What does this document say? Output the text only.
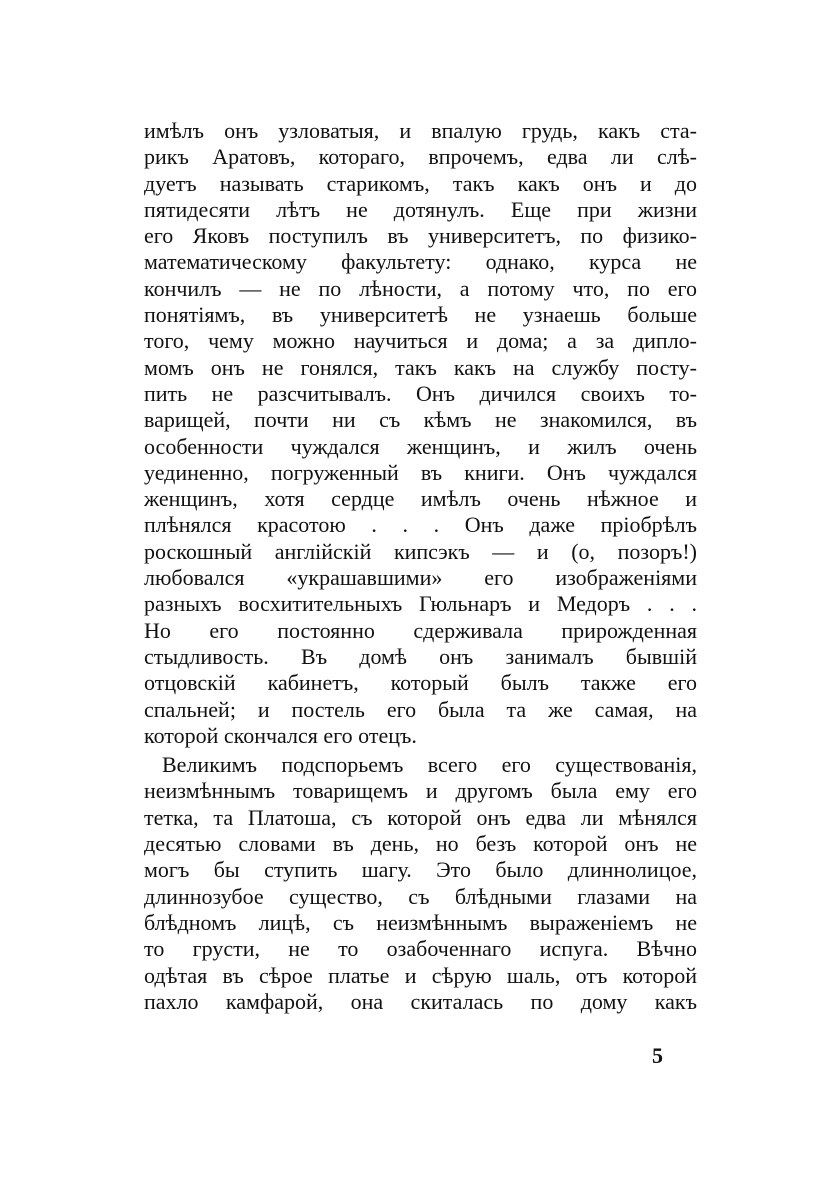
имѣлъ онъ узловатыя, и впалую грудь, какъ ста-
рикъ Аратовъ, котораго, впрочемъ, едва ли слѣ-
дуетъ называть старикомъ, такъ какъ онъ и до
пятидесяти лѣтъ не дотянулъ. Еще при жизни
его Яковъ поступилъ въ университетъ, по физико-
математическому факультету: однако, курса не
кончилъ — не по лѣности, а потому что, по его
понятіямъ, въ университетѣ не узнаешь больше
того, чему можно научиться и дома; а за диплo-
момъ онъ не гонялся, такъ какъ на службу посту-
пить не разсчитывалъ. Онъ дичился своихъ то-
варищей, почти ни съ кѣмъ не знакомился, въ
особенности чуждался женщинъ, и жилъ очень
уединенно, погруженный въ книги. Онъ чуждался
женщинъ, хотя сердце имѣлъ очень нѣжное и
плѣнялся красотою . . . Онъ даже пріобрѣлъ
роскошный англійскій кипсэкъ — и (о, позоръ!)
любовался «украшавшими» его изображеніями
разныхъ восхитительныхъ Гюльнаръ и Медоръ . . .
Но его постоянно сдерживала прирожденная
стыдливость. Въ домѣ онъ занималъ бывшій
отцовскій кабинетъ, который былъ также его
спальней; и постель его была та же самая, на
которой скончался его отецъ.
Великимъ подспорьемъ всего его существованія,
неизмѣннымъ товарищемъ и другомъ была ему его
тетка, та Платоша, съ которой онъ едва ли мѣнялся
десятью словами въ день, но безъ которой онъ не
могъ бы ступить шагу. Это было длиннолицое,
длиннозубое существо, съ блѣдными глазами на
блѣдномъ лицѣ, съ неизмѣннымъ выраженіемъ не
то грусти, не то озабоченнаго испуга. Вѣчно
одѣтая въ сѣрое платье и сѣрую шаль, отъ которой
пахло камфарой, она скиталась по дому какъ
5
